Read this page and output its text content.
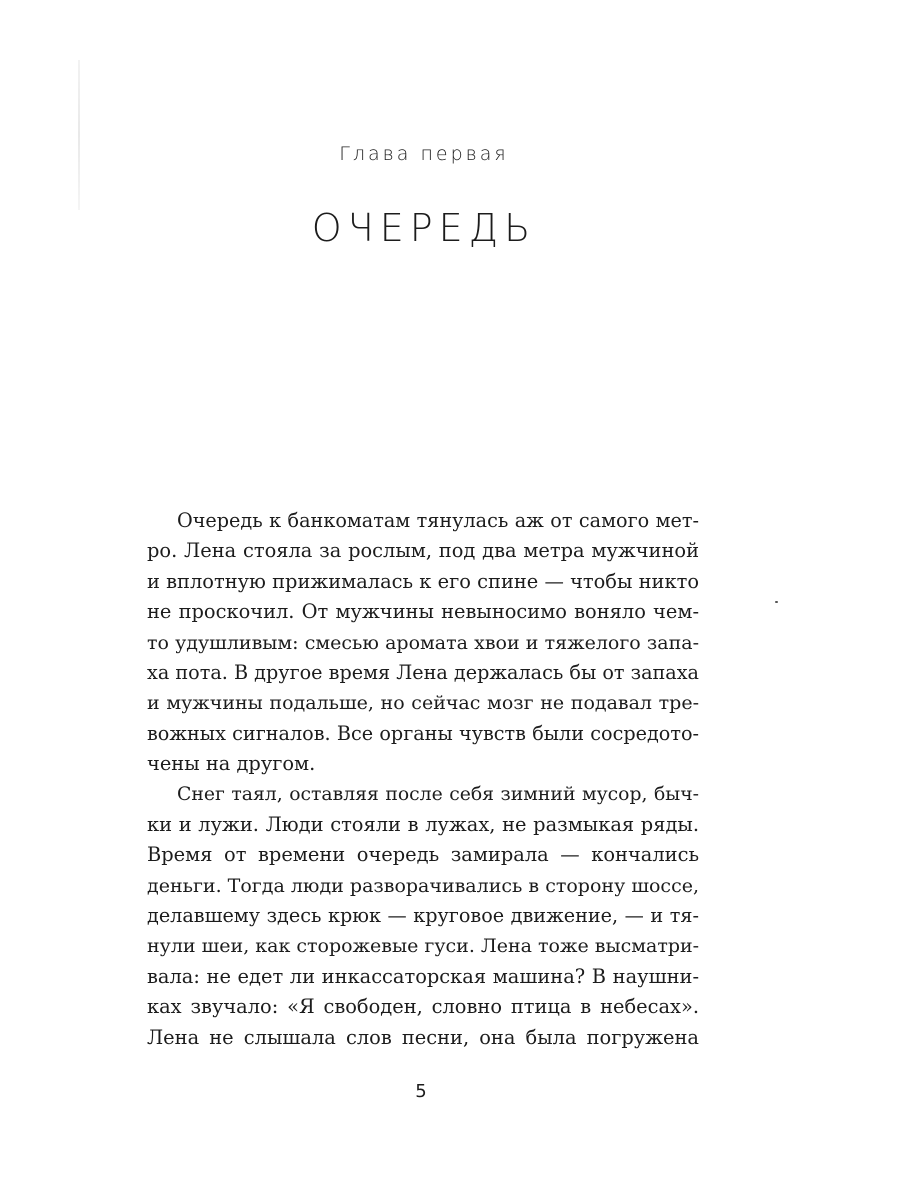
Глава первая
ОЧЕРЕДЬ
Очередь к банкоматам тянулась аж от самого мет-
ро. Лена стояла за рослым, под два метра мужчиной
и вплотную прижималась к его спине — чтобы никто
не проскочил. От мужчины невыносимо воняло чем-
то удушливым: смесью аромата хвои и тяжелого запа-
ха пота. В другое время Лена держалась бы от запаха
и мужчины подальше, но сейчас мозг не подавал тре-
вожных сигналов. Все органы чувств были сосредото-
чены на другом.
Снег таял, оставляя после себя зимний мусор, быч-
ки и лужи. Люди стояли в лужах, не размыкая ряды.
Время от времени очередь замирала — кончались
деньги. Тогда люди разворачивались в сторону шоссе,
делавшему здесь крюк — круговое движение, — и тя-
нули шеи, как сторожевые гуси. Лена тоже высматри-
вала: не едет ли инкассаторская машина? В наушни-
ках звучало: «Я свободен, словно птица в небесах».
Лена не слышала слов песни, она была погружена
5
